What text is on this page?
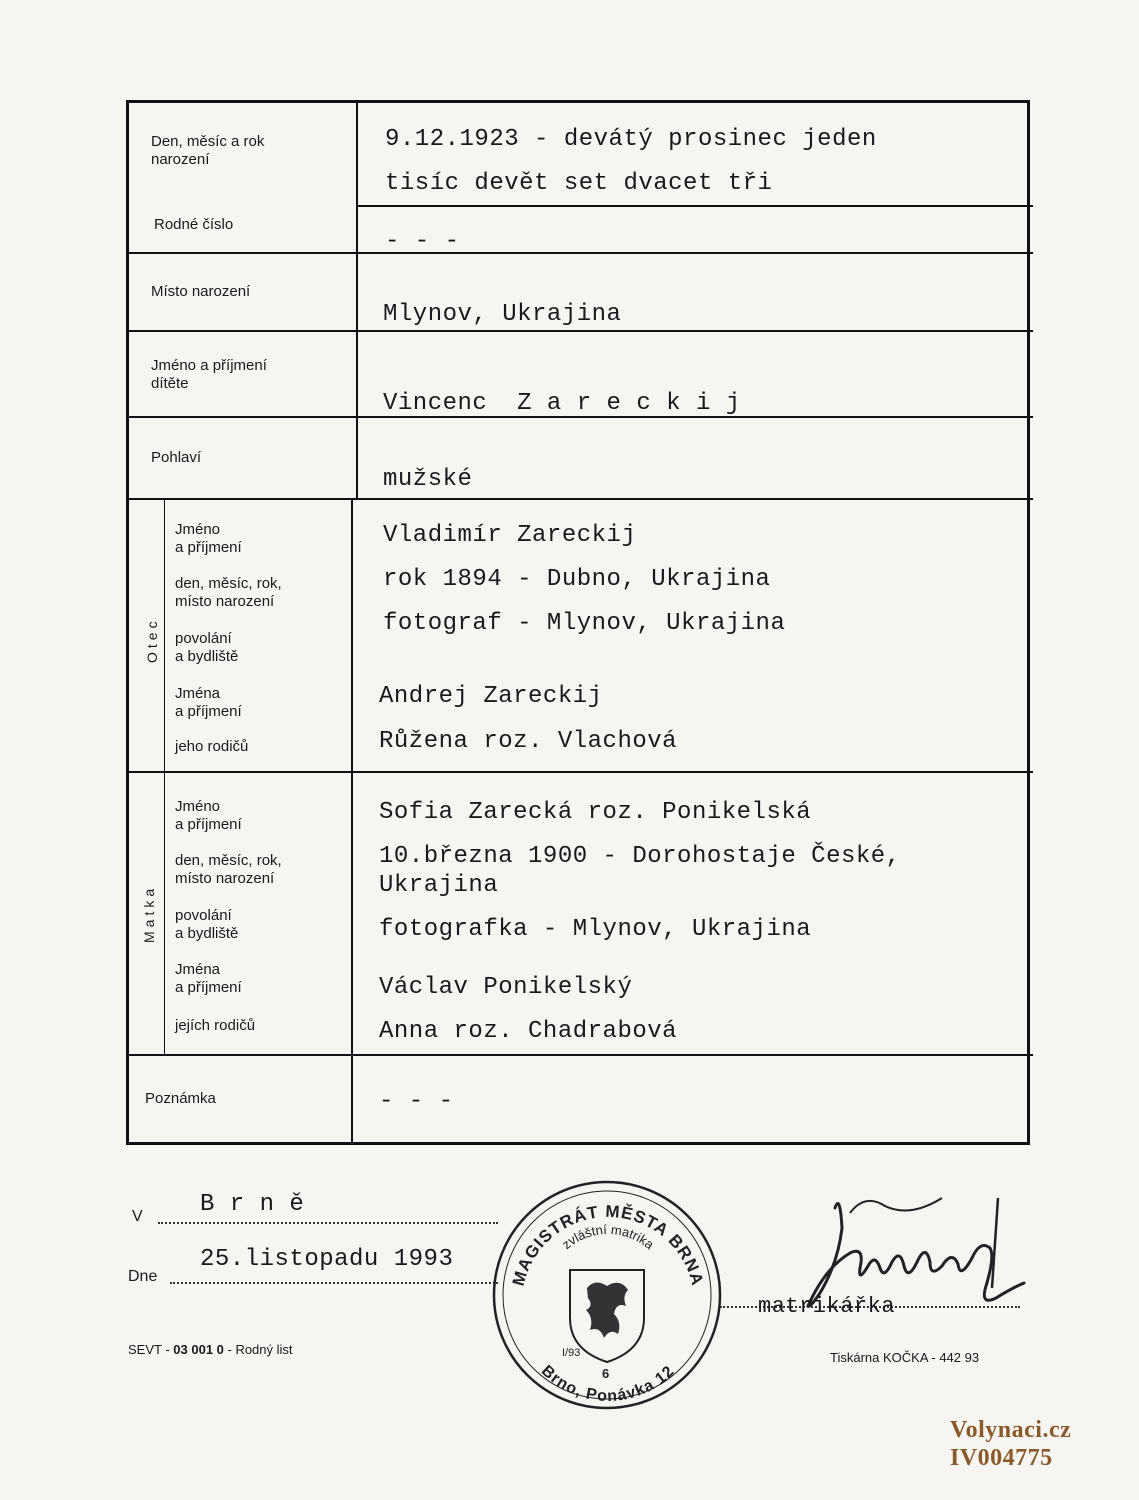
Den, měsíc a rok
narození
Rodné číslo
Místo narození
Jméno a příjmení
dítěte
Pohlaví
9.12.1923 - devátý prosinec jeden
tisíc devět set dvacet tři
- - -
Mlynov, Ukrajina
Vincenc  Z a r e c k i j
mužské
Otec
Jméno
a příjmení
den, měsíc, rok,
místo narození
povolání
a bydliště
Jména
a příjmení
jeho rodičů
Vladimír Zareckij
rok 1894 - Dubno, Ukrajina
fotograf - Mlynov, Ukrajina
Andrej Zareckij
Růžena roz. Vlachová
Matka
Jméno
a příjmení
den, měsíc, rok,
místo narození
povolání
a bydliště
Jména
a příjmení
jejích rodičů
Sofia Zarecká roz. Ponikelská
10.března 1900 - Dorohostaje České,
Ukrajina
fotografka - Mlynov, Ukrajina
Václav Ponikelský
Anna roz. Chadrabová
Poznámka	- - -
V B r n ě
Dne
25.listopadu 1993
MAGISTRÁT MĚSTA BRNA
zvláštní matrika
Brno, Ponávka 12
I/93
6
matrikářka
SEVT - 03 001 0 - Rodný list
Tiskárna KOČKA - 442 93
Volynaci.cz
IV004775
